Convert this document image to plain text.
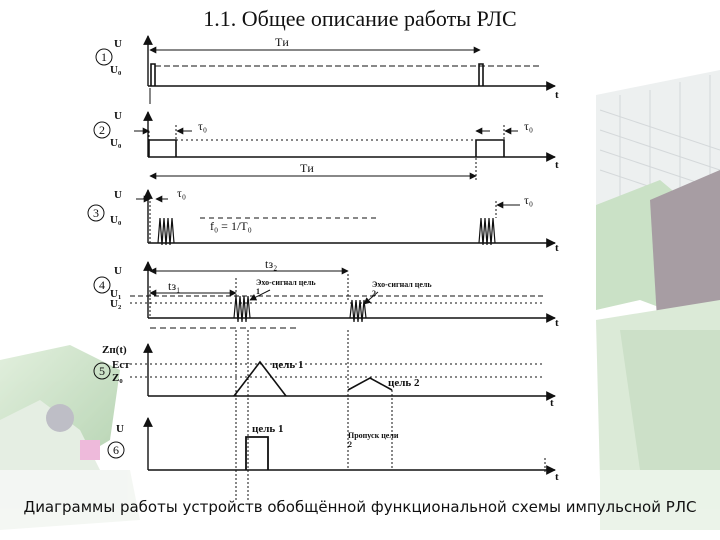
1.1. Общее описание работы РЛС
1
U
U₀
t
Tи
2
U
U₀
t
τ₀	τ₀
Tи
3
U
U₀
t
τ₀	τ₀
f₀ = 1/T₀
4
U
U₁
U₂
t
tз₂
tз₁	Эхо-сигнал цель 1
Эхо-сигнал цель 2
5
Zп(t)
Eст
Z₀
t
цель 1
цель 2
6
U
t
цель 1
Пропуск цели 2
Диаграммы работы устройств обобщённой функциональной схемы импульсной РЛС
